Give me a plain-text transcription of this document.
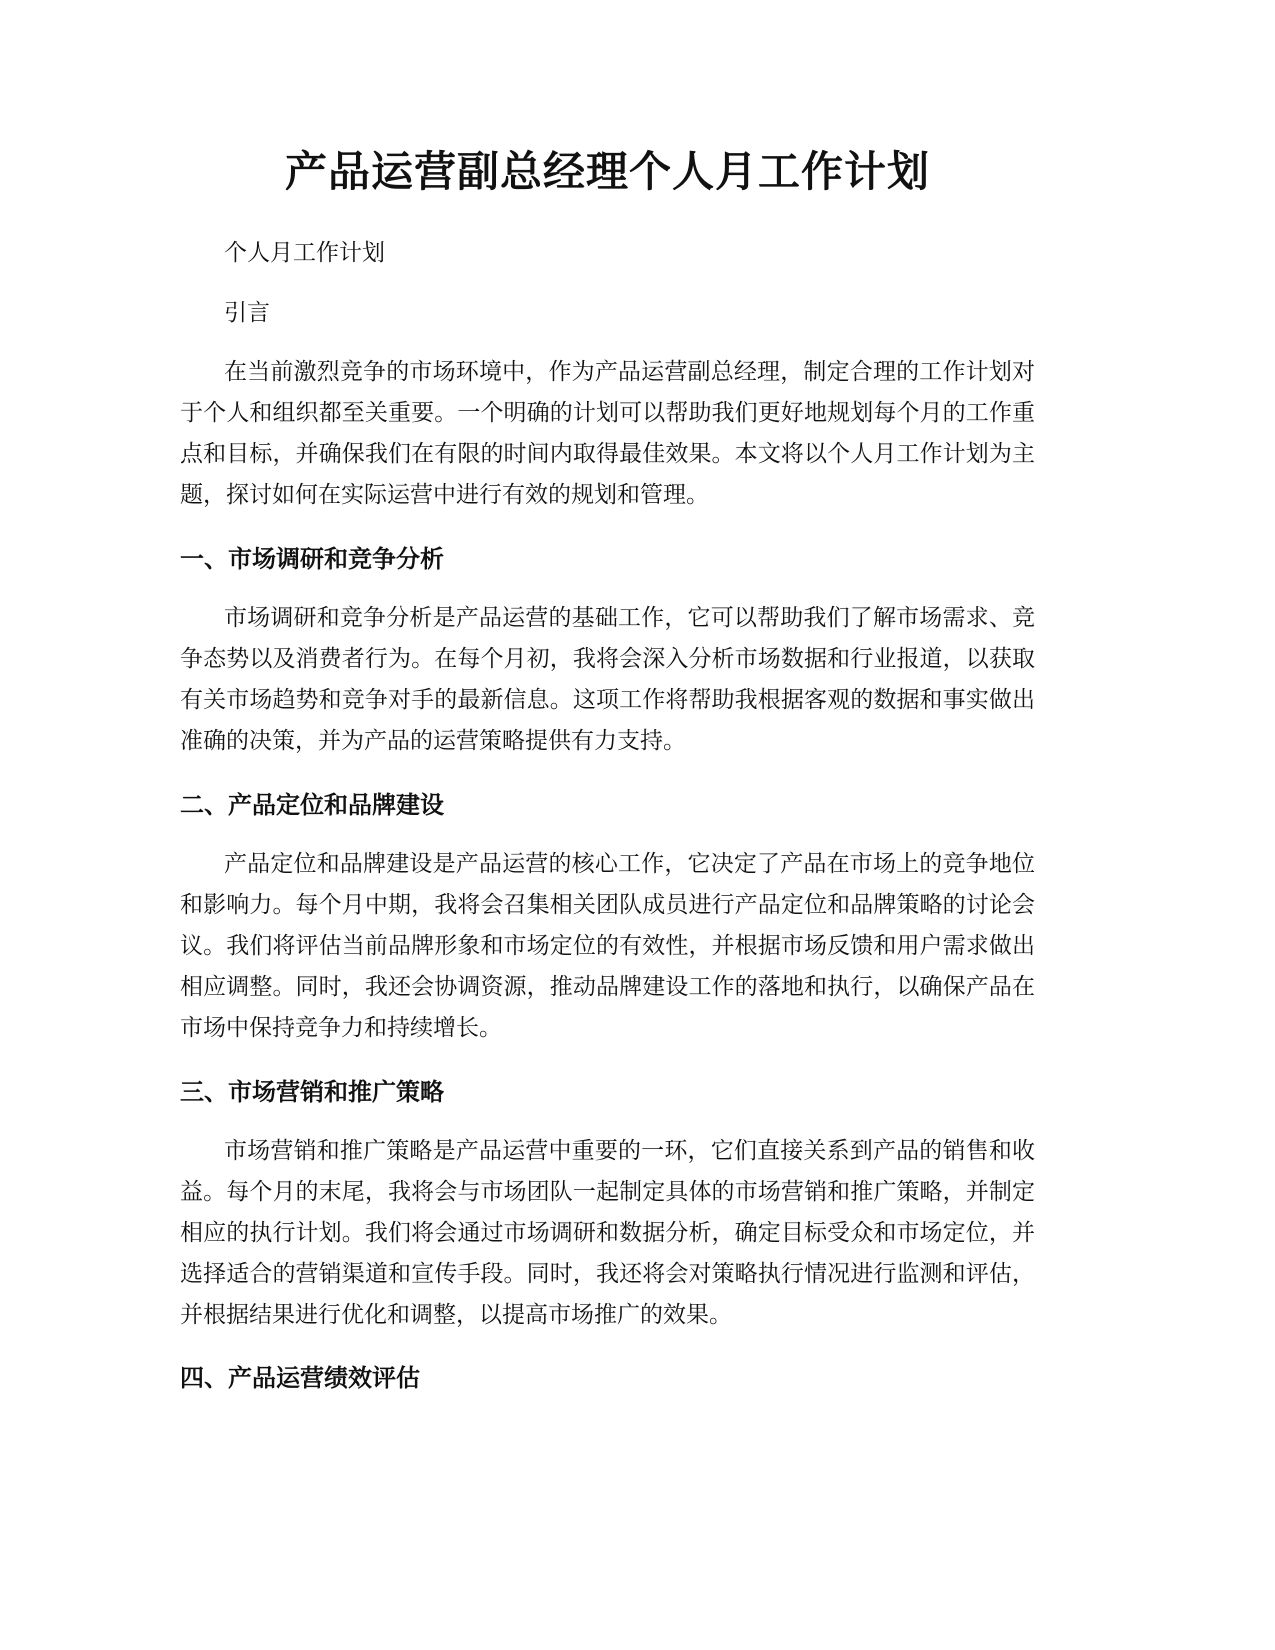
产品运营副总经理个人月工作计划

个人月工作计划

引言

在当前激烈竞争的市场环境中，作为产品运营副总经理，制定合理的工作计划对于个人和组织都至关重要。一个明确的计划可以帮助我们更好地规划每个月的工作重点和目标，并确保我们在有限的时间内取得最佳效果。本文将以个人月工作计划为主题，探讨如何在实际运营中进行有效的规划和管理。

一、市场调研和竞争分析

市场调研和竞争分析是产品运营的基础工作，它可以帮助我们了解市场需求、竞争态势以及消费者行为。在每个月初，我将会深入分析市场数据和行业报道，以获取有关市场趋势和竞争对手的最新信息。这项工作将帮助我根据客观的数据和事实做出准确的决策，并为产品的运营策略提供有力支持。

二、产品定位和品牌建设

产品定位和品牌建设是产品运营的核心工作，它决定了产品在市场上的竞争地位和影响力。每个月中期，我将会召集相关团队成员进行产品定位和品牌策略的讨论会议。我们将评估当前品牌形象和市场定位的有效性，并根据市场反馈和用户需求做出相应调整。同时，我还会协调资源，推动品牌建设工作的落地和执行，以确保产品在市场中保持竞争力和持续增长。

三、市场营销和推广策略

市场营销和推广策略是产品运营中重要的一环，它们直接关系到产品的销售和收益。每个月的末尾，我将会与市场团队一起制定具体的市场营销和推广策略，并制定相应的执行计划。我们将会通过市场调研和数据分析，确定目标受众和市场定位，并选择适合的营销渠道和宣传手段。同时，我还将会对策略执行情况进行监测和评估，并根据结果进行优化和调整，以提高市场推广的效果。

四、产品运营绩效评估
